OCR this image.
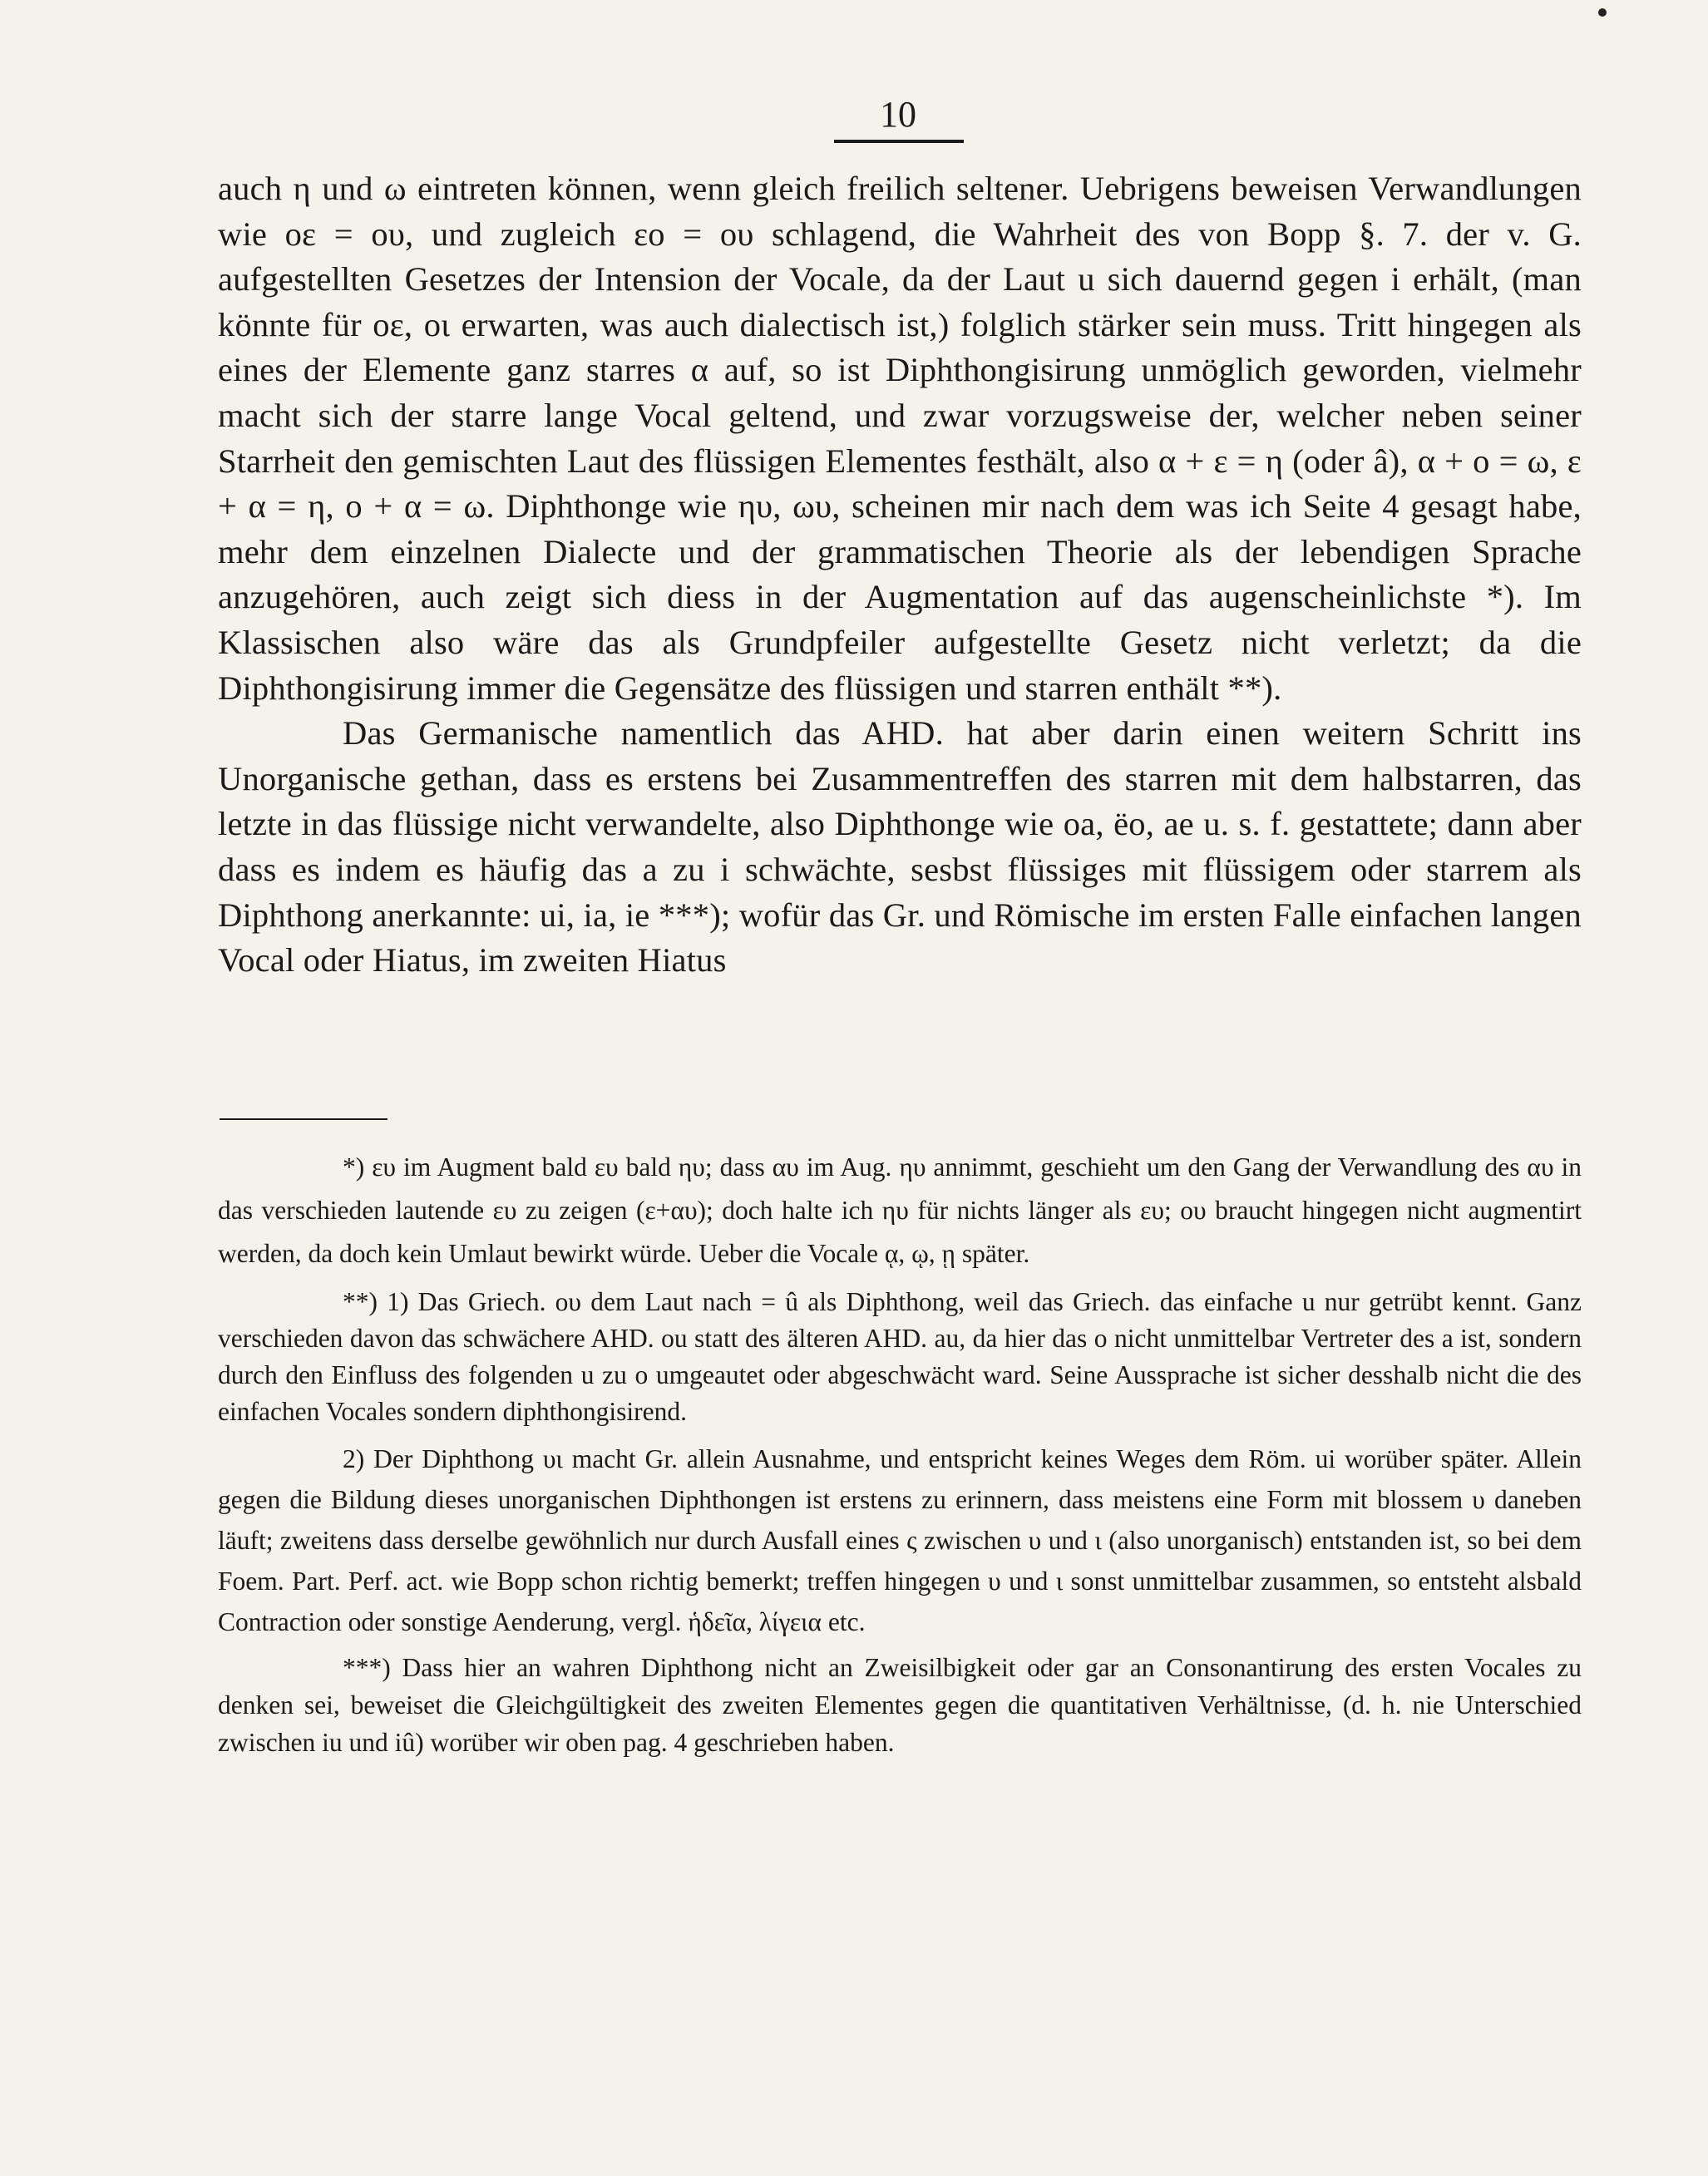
10

auch η und ω eintreten können, wenn gleich freilich seltener. Uebrigens beweisen Verwandlungen wie οε = ου, und zugleich εο = ου schlagend, die Wahrheit des von Bopp §. 7. der v. G. aufgestellten Gesetzes der Intension der Vocale, da der Laut u sich dauernd gegen i erhält, (man könnte für οε, οι erwarten, was auch dialectisch ist,) folglich stärker sein muss. Tritt hingegen als eines der Elemente ganz starres α auf, so ist Diphthongisirung unmöglich geworden, vielmehr macht sich der starre lange Vocal geltend, und zwar vorzugsweise der, welcher neben seiner Starrheit den gemischten Laut des flüssigen Elementes festhält, also α + ε = η (oder â), α + ο = ω, ε + α = η, ο + α = ω. Diphthonge wie ηυ, ωυ, scheinen mir nach dem was ich Seite 4 gesagt habe, mehr dem einzelnen Dialecte und der grammatischen Theorie als der lebendigen Sprache anzugehören, auch zeigt sich diess in der Augmentation auf das augenscheinlichste *). Im Klassischen also wäre das als Grundpfeiler aufgestellte Gesetz nicht verletzt; da die Diphthongisirung immer die Gegensätze des flüssigen und starren enthält **).

Das Germanische namentlich das AHD. hat aber darin einen weitern Schritt ins Unorganische gethan, dass es erstens bei Zusammentreffen des starren mit dem halbstarren, das letzte in das flüssige nicht verwandelte, also Diphthonge wie oa, ëo, ae u. s. f. gestattete; dann aber dass es indem es häufig das a zu i schwächte, sesbst flüssiges mit flüssigem oder starrem als Diphthong anerkannte: ui, ia, ie ***); wofür das Gr. und Römische im ersten Falle einfachen langen Vocal oder Hiatus, im zweiten Hiatus

*) ευ im Augment bald ευ bald ηυ; dass αυ im Aug. ηυ annimmt, geschieht um den Gang der Verwandlung des αυ in das verschieden lautende ευ zu zeigen (ε+αυ); doch halte ich ηυ für nichts länger als ευ; ου braucht hingegen nicht augmentirt werden, da doch kein Umlaut bewirkt würde. Ueber die Vocale ᾳ, ῳ, ῃ später.

**) 1) Das Griech. ου dem Laut nach = û als Diphthong, weil das Griech. das einfache u nur getrübt kennt. Ganz verschieden davon das schwächere AHD. ou statt des älteren AHD. au, da hier das o nicht unmittelbar Vertreter des a ist, sondern durch den Einfluss des folgenden u zu o umgeautet oder abgeschwächt ward. Seine Aussprache ist sicher desshalb nicht die des einfachen Vocales sondern diphthongisirend.

2) Der Diphthong υι macht Gr. allein Ausnahme, und entspricht keines Weges dem Röm. ui worüber später. Allein gegen die Bildung dieses unorganischen Diphthongen ist erstens zu erinnern, dass meistens eine Form mit blossem υ daneben läuft; zweitens dass derselbe gewöhnlich nur durch Ausfall eines ς zwischen υ und ι (also unorganisch) entstanden ist, so bei dem Foem. Part. Perf. act. wie Bopp schon richtig bemerkt; treffen hingegen υ und ι sonst unmittelbar zusammen, so entsteht alsbald Contraction oder sonstige Aenderung, vergl. ἡδεῖα, λίγεια etc.

***) Dass hier an wahren Diphthong nicht an Zweisilbigkeit oder gar an Consonantirung des ersten Vocales zu denken sei, beweiset die Gleichgültigkeit des zweiten Elementes gegen die quantitativen Verhältnisse, (d. h. nie Unterschied zwischen iu und iû) worüber wir oben pag. 4 geschrieben haben.
